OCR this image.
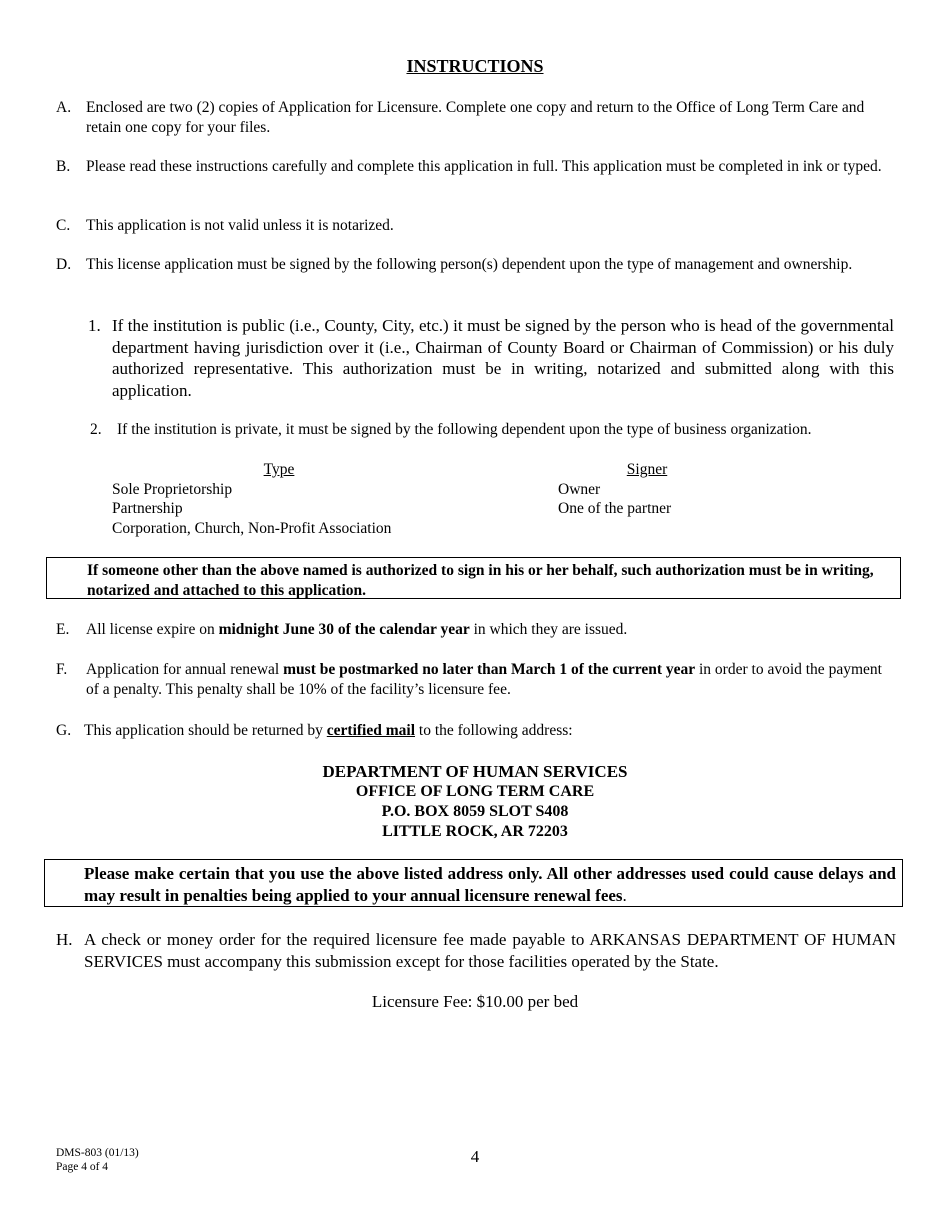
INSTRUCTIONS
A. Enclosed are two (2) copies of Application for Licensure. Complete one copy and return to the Office of Long Term Care and retain one copy for your files.
B. Please read these instructions carefully and complete this application in full. This application must be completed in ink or typed.
C. This application is not valid unless it is notarized.
D. This license application must be signed by the following person(s) dependent upon the type of management and ownership.
1. If the institution is public (i.e., County, City, etc.) it must be signed by the person who is head of the governmental department having jurisdiction over it (i.e., Chairman of County Board or Chairman of Commission) or his duly authorized representative. This authorization must be in writing, notarized and submitted along with this application.
2. If the institution is private, it must be signed by the following dependent upon the type of business organization.
Type
Sole Proprietorship
Partnership
Corporation, Church, Non-Profit Association
Signer
Owner
One of the partner
If someone other than the above named is authorized to sign in his or her behalf, such authorization must be in writing, notarized and attached to this application.
E. All license expire on midnight June 30 of the calendar year in which they are issued.
F. Application for annual renewal must be postmarked no later than March 1 of the current year in order to avoid the payment of a penalty. This penalty shall be 10% of the facility’s licensure fee.
G. This application should be returned by certified mail to the following address:
DEPARTMENT OF HUMAN SERVICES
OFFICE OF LONG TERM CARE
P.O. BOX 8059 SLOT S408
LITTLE ROCK, AR 72203
Please make certain that you use the above listed address only. All other addresses used could cause delays and may result in penalties being applied to your annual licensure renewal fees.
H. A check or money order for the required licensure fee made payable to ARKANSAS DEPARTMENT OF HUMAN SERVICES must accompany this submission except for those facilities operated by the State.
Licensure Fee: $10.00 per bed
DMS-803 (01/13)
Page 4 of 4
4
